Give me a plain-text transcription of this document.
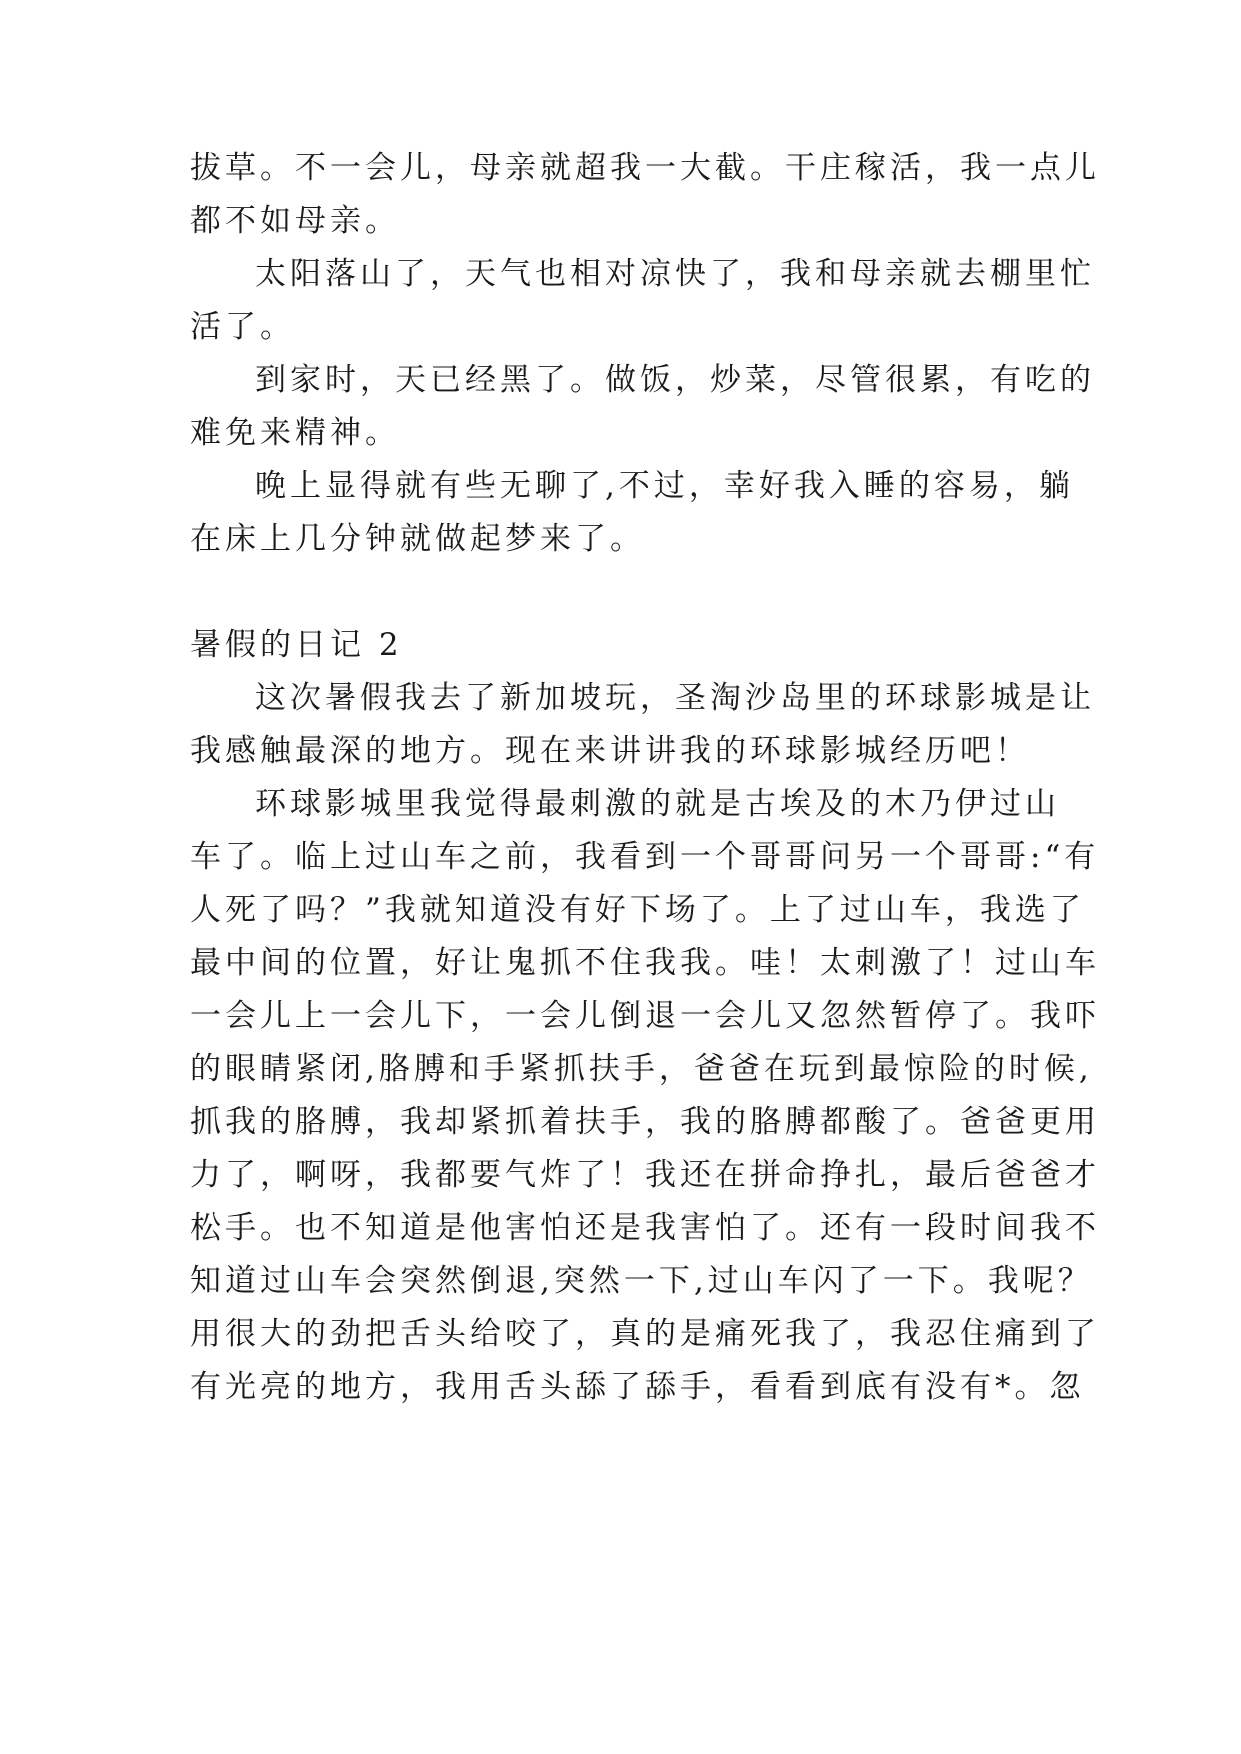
拔草。不一会儿，母亲就超我一大截。干庄稼活，我一点儿
都不如母亲。
太阳落山了，天气也相对凉快了，我和母亲就去棚里忙
活了。
到家时，天已经黑了。做饭，炒菜，尽管很累，有吃的
难免来精神。
晚上显得就有些无聊了,不过，幸好我入睡的容易，躺
在床上几分钟就做起梦来了。
暑假的日记 2
这次暑假我去了新加坡玩，圣淘沙岛里的环球影城是让
我感触最深的地方。现在来讲讲我的环球影城经历吧！
环球影城里我觉得最刺激的就是古埃及的木乃伊过山
车了。临上过山车之前，我看到一个哥哥问另一个哥哥:“有
人死了吗？”我就知道没有好下场了。上了过山车，我选了
最中间的位置，好让鬼抓不住我我。哇！太刺激了！过山车
一会儿上一会儿下，一会儿倒退一会儿又忽然暂停了。我吓
的眼睛紧闭,胳膊和手紧抓扶手，爸爸在玩到最惊险的时候,
抓我的胳膊，我却紧抓着扶手，我的胳膊都酸了。爸爸更用
力了，啊呀，我都要气炸了！我还在拼命挣扎，最后爸爸才
松手。也不知道是他害怕还是我害怕了。还有一段时间我不
知道过山车会突然倒退,突然一下,过山车闪了一下。我呢？
用很大的劲把舌头给咬了，真的是痛死我了，我忍住痛到了
有光亮的地方，我用舌头舔了舔手，看看到底有没有*。忽
